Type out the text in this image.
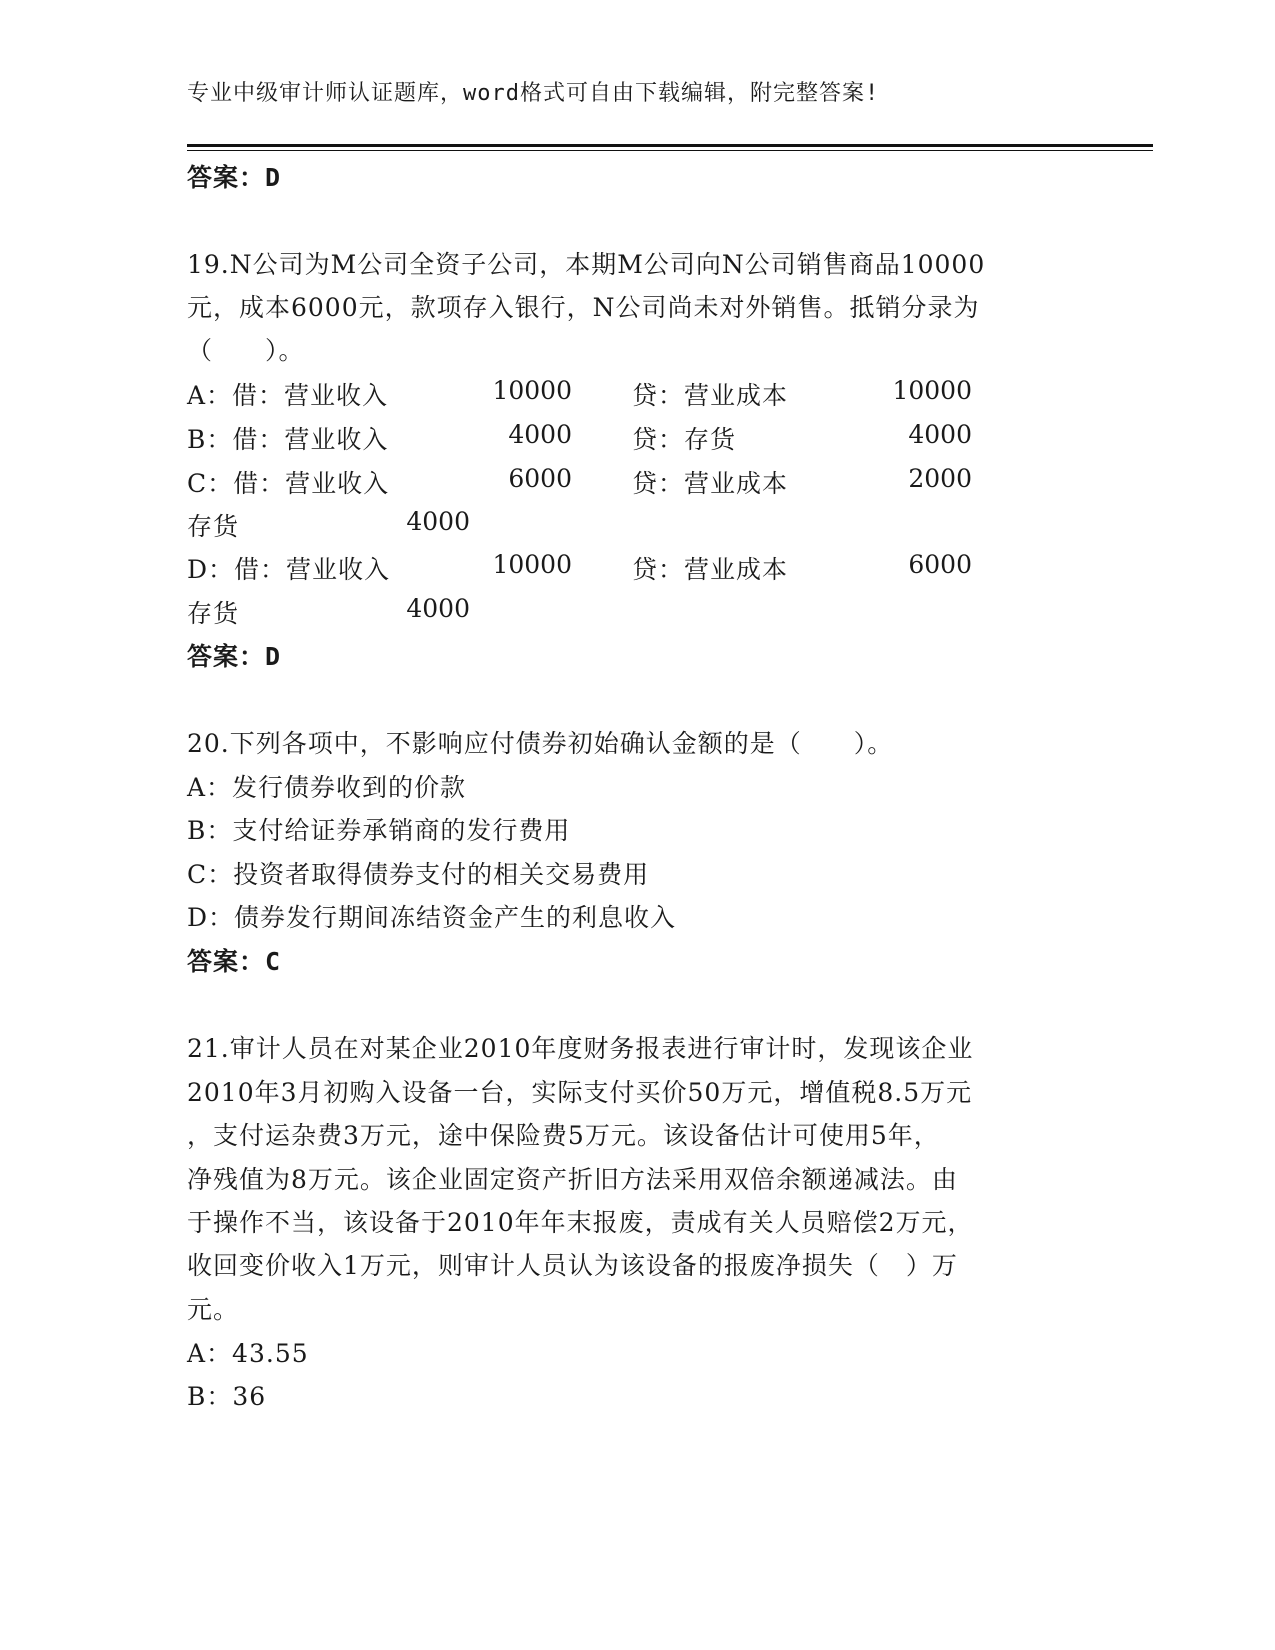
专业中级审计师认证题库，word格式可自由下载编辑，附完整答案!
答案：D
19.N公司为M公司全资子公司，本期M公司向N公司销售商品10000
元，成本6000元，款项存入银行，N公司尚未对外销售。抵销分录为
（　　）。
A：借：营业收入	10000 贷：营业成本	10000
B：借：营业收入	4000 贷：存货	4000
C：借：营业收入	6000 贷：营业成本	2000
存货	4000
D：借：营业收入	10000 贷：营业成本	6000
存货	4000
答案：D
20.下列各项中，不影响应付债券初始确认金额的是（　　）。
A：发行债券收到的价款
B：支付给证券承销商的发行费用
C：投资者取得债券支付的相关交易费用
D：债券发行期间冻结资金产生的利息收入
答案：C
21.审计人员在对某企业2010年度财务报表进行审计时，发现该企业
2010年3月初购入设备一台，实际支付买价50万元，增值税8.5万元
，支付运杂费3万元，途中保险费5万元。该设备估计可使用5年，
净残值为8万元。该企业固定资产折旧方法采用双倍余额递减法。由
于操作不当，该设备于2010年年末报废，责成有关人员赔偿2万元，
收回变价收入1万元，则审计人员认为该设备的报废净损失（　）万
元。
A：43.55
B：36
